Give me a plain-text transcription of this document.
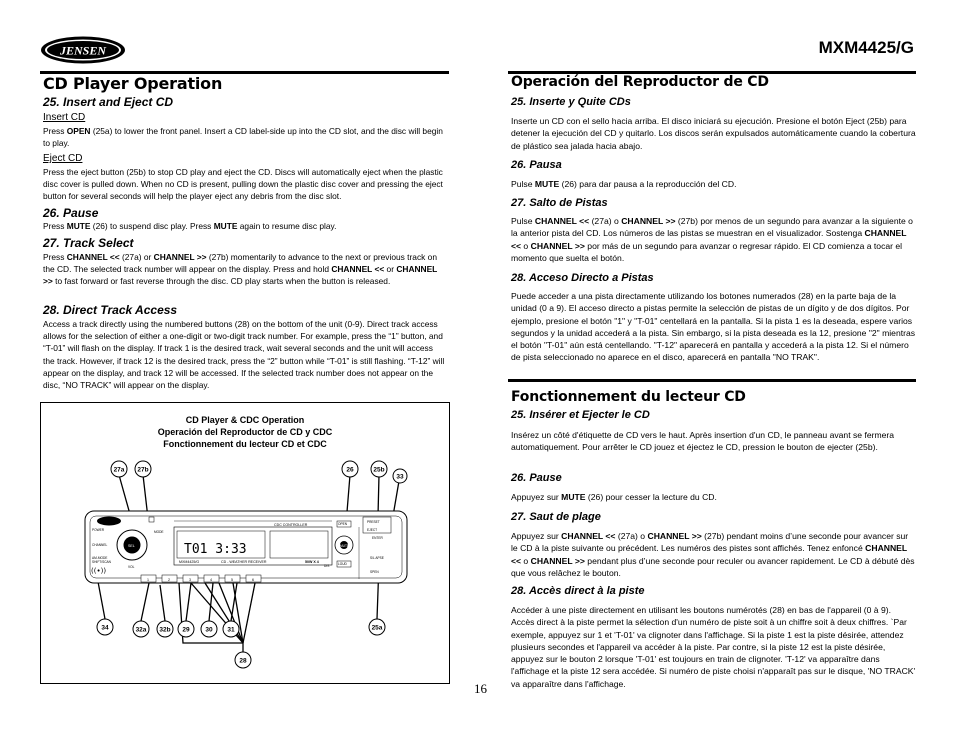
JENSEN	MXM4425/G
CD Player Operation
25. Insert and Eject CD
Insert CD
Press OPEN (25a) to lower the front panel. Insert a CD label-side up into the CD slot, and the disc will begin to play.
Eject CD
Press the eject button (25b) to stop CD play and eject the CD. Discs will automatically eject when the plastic disc cover is pulled down. When no CD is present, pulling down the plastic disc cover and pressing the eject button for several seconds will help the player eject any debris from the disc slot.
26. Pause
Press MUTE (26) to suspend disc play. Press MUTE again to resume disc play.
27. Track Select
Press CHANNEL << (27a) or CHANNEL >> (27b) momentarily to advance to the next or previous track on the CD. The selected track number will appear on the display. Press and hold CHANNEL << or CHANNEL >> to fast forward or fast reverse through the disc. CD play starts when the button is released.
28. Direct Track Access
Access a track directly using the numbered buttons (28) on the bottom of the unit (0-9). Direct track access allows for the selection of either a one-digit or two-digit track number. For example, press the “1” button, and “T-01” will flash on the display. If track 1 is the desired track, wait several seconds and the unit will access the track. However, if track 12 is the desired track, press the “2” button while “T-01” is still flashing. “T-12” will appear on the display, and track 12 will be accessed. If the selected track number does not appear on the disc, “NO TRACK” will appear on the display.
CD Player & CDC Operation
Operación del Reproductor de CD y CDC
Fonctionnement du lecteur CD et CDC
((•))
T01 3:33
CDC CONTROLLER
MXM4425/G	CD - WEATHER RECEIVER	50W X 4
POWER	MODE
CHANNEL	SEL
AM-MODE
SHIFT/SCAN
VOL
OPEN
MUTE
LOUD
PRESET
EJECT
ENTER
S/L APSE
SPEN
DIS
1	2	3	4	5	6
27a 27b	26	25b
33
34	32a 32b 29 30 31	25a
28
Operación del Reproductor de CD
25. Inserte y Quite CDs
Inserte un CD con el sello hacia arriba. El disco iniciará su ejecución. Presione el botón Eject (25b) para detener la ejecución del CD y quitarlo. Los discos serán expulsados automáticamente cuando la cobertura de plástico sea jalada hacia abajo.
26. Pausa
Pulse MUTE (26) para dar pausa a la reproducción del CD.
27. Salto de Pistas
Pulse CHANNEL << (27a) o CHANNEL >> (27b) por menos de un segundo para avanzar a la siguiente o la anterior pista del CD. Los números de las pistas se muestran en el visualizador. Sostenga CHANNEL << o CHANNEL >> por más de un segundo para avanzar o regresar rápido. El CD comienza a tocar el momento que suelta el botón.
28. Acceso Directo a Pistas
Puede acceder a una pista directamente utilizando los botones numerados (28) en la parte baja de la unidad (0 a 9). El acceso directo a pistas permite la selección de pistas de un dígito y de dos dígitos. Por ejemplo, presione el botón "1" y "T-01" centellará en la pantalla. Si la pista 1 es la deseada, espere varios segundos y la unidad accederá a la pista. Sin embargo, si la pista deseada es la 12, presione "2" mientras el botón "T-01" aún está centellando. "T-12" aparecerá en pantalla y accederá a la pista 12. Si el número de pista seleccionado no aparece en el disco, aparecerá en pantalla "NO TRAK".
Fonctionnement du lecteur CD
25. Insérer et Ejecter le CD
Insérez un côté d'étiquette de CD vers le haut. Après insertion d'un CD, le panneau avant se fermera automatiquement. Pour arrêter le CD jouez et éjectez le CD, pression le bouton de ejecter (25b).
26. Pause
Appuyez sur MUTE (26) pour cesser la lecture du CD.
27. Saut de plage
Appuyez sur CHANNEL << (27a) o CHANNEL >> (27b) pendant moins d’une seconde pour avancer sur le CD à la piste suivante ou précédent. Les numéros des pistes sont affichés. Tenez enfoncé CHANNEL << o CHANNEL >> pendant plus d’une seconde pour reculer ou avancer rapidement. Le CD à débuté dès que vous relâchez le bouton.
28. Accès direct à la piste
Accéder à une piste directement en utilisant les boutons numérotés (28) en bas de l'appareil (0 à 9). Accès direct à la piste permet la sélection d'un numéro de piste soit à un chiffre soit à deux chiffres. `Par exemple, appuyez sur 1 et 'T-01' va clignoter dans l'affichage. Si la piste 1 est la piste désirée, attendez plusieurs secondes et l'appareil va accéder à la piste. Par contre, si la piste 12 est la piste désirée, appuyez sur le bouton 2 lorsque 'T-01' est toujours en train de clignoter. 'T-12' va apparaître dans l'affichage et la piste 12 sera accédée. Si numéro de piste choisi n'apparaît pas sur le disque, 'NO TRACK' va apparaître dans l'affichage.
16
